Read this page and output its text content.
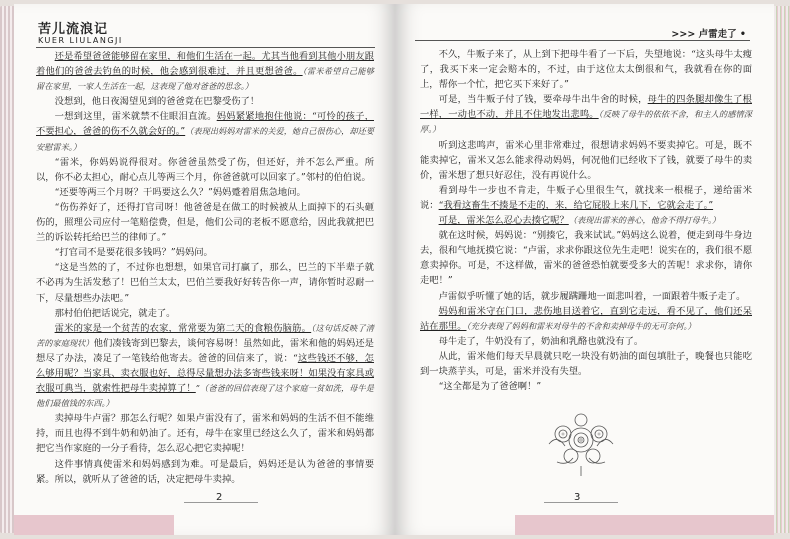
苦儿流浪记
KUER LIULANGJI

还是希望爸爸能够留在家里，和他们生活在一起。尤其当他看到其他小朋友跟着他们的爸爸去钓鱼的时候，他会感到很难过，并且更想爸爸。（雷米希望自己能够留在家里，一家人生活在一起，这表现了他对爸爸的思念。）

没想到，他日夜渴望见到的爸爸竟在巴黎受伤了！

一想到这里，雷米就禁不住眼泪直流。妈妈紧紧地抱住他说：“可怜的孩子，不要担心，爸爸的伤不久就会好的。”（表现出妈妈对雷米的关爱，她自己很伤心，却还要安慰雷米。）

“雷米，你妈妈说得很对。你爸爸虽然受了伤，但还好，并不怎么严重。所以，你不必太担心，耐心点儿等两三个月，你爸爸就可以回家了。”邻村的伯伯说。

“还要等两三个月呀？干吗要这么久？”妈妈蹙着眉焦急地问。

“伤伤养好了，还得打官司呀！他爸爸是在做工的时候被从上面掉下的石头砸伤的，照理公司应付一笔赔偿费，但是，他们公司的老板不愿意给，因此我就把巴兰的诉讼转托给巴兰的律师了。”

“打官司不是要花很多钱吗？”妈妈问。

“这是当然的了，不过你也想想，如果官司打赢了，那么，巴兰的下半辈子就不必再为生活发愁了！巴伯兰太太，巴伯兰要我好好转告你一声，请你暂时忍耐一下，尽量想些办法吧。”

那村伯伯把话说完，就走了。

雷米的家是一个贫苦的农家，常常要为第二天的食粮伤脑筋。（这句话反映了清苦的家庭现状）他们凑钱寄到巴黎去，谈何容易呀！虽然如此，雷米和他的妈妈还是想尽了办法，凑足了一笔钱给他寄去。爸爸的回信来了，说：“这些钱还不够，怎么够用呢？当家具、卖衣服也好，总得尽量想办法多寄些钱来呀！如果没有家具或衣服可典当，就索性把母牛卖掉算了！”（爸爸的回信表现了这个家庭一贫如洗，母牛是他们最值钱的东西。）

卖掉母牛卢雷？那怎么行呢？如果卢雷没有了，雷米和妈妈的生活不但不能维持，而且也得不到牛奶和奶油了。还有，母牛在家里已经这么久了，雷米和妈妈都把它当作家庭的一分子看待，怎么忍心把它卖掉呢！

这件事情真使雷米和妈妈感到为难。可是最后，妈妈还是认为爸爸的事情要紧。所以，就听从了爸爸的话，决定把母牛卖掉。

2
>>> 卢雷走了 •

不久，牛贩子来了，从上到下把母牛看了一下后，失望地说：“这头母牛太瘦了，我买下来一定会赔本的，不过，由于这位太太倒很和气，我就看在你的面上，帮你一个忙，把它买下来好了。”

可是，当牛贩子付了钱，要牵母牛出牛舍的时候，母牛的四条腿却像生了根一样，一动也不动，并且不住地发出悲鸣。（反映了母牛的依依不舍，和主人的感情深厚。）

听到这悲鸣声，雷米心里非常难过，很想请求妈妈不要卖掉它。可是，既不能卖掉它，雷米又怎么能求得动妈妈，何况他们已经收下了钱，就要了母牛的卖价，雷米想了想只好忍住，没有再说什么。

看到母牛一步也不肯走，牛贩子心里很生气，就找来一根棍子，递给雷米说：“我看这畜生不揍是不走的，来，给它屁股上来几下，它就会走了。”

可是，雷米怎么忍心去揍它呢？（表现出雷米的善心，他舍不得打母牛。）

就在这时候，妈妈说：“别揍它，我来试试。”妈妈这么说着，便走到母牛身边去，很和气地抚摸它说：“卢雷，求求你跟这位先生走吧！说实在的，我们很不愿意卖掉你。可是，不这样做，雷米的爸爸恐怕就要受多大的苦呢！求求你，请你走吧！”

卢雷似乎听懂了她的话，就步履蹒跚地一面悲叫着，一面跟着牛贩子走了。

妈妈和雷米守在门口，悲伤地目送着它，直到它走远，看不见了，他们还呆站在那里。（充分表现了妈妈和雷米对母牛的不舍和卖掉母牛的无可奈何。）

母牛走了，牛奶没有了，奶油和乳酪也就没有了。

从此，雷米他们每天早晨就只吃一块没有奶油的面包填肚子，晚餐也只能吃到一块蒸芋头，可是，雷米并没有失望。

“这全都是为了爸爸啊！”

3
